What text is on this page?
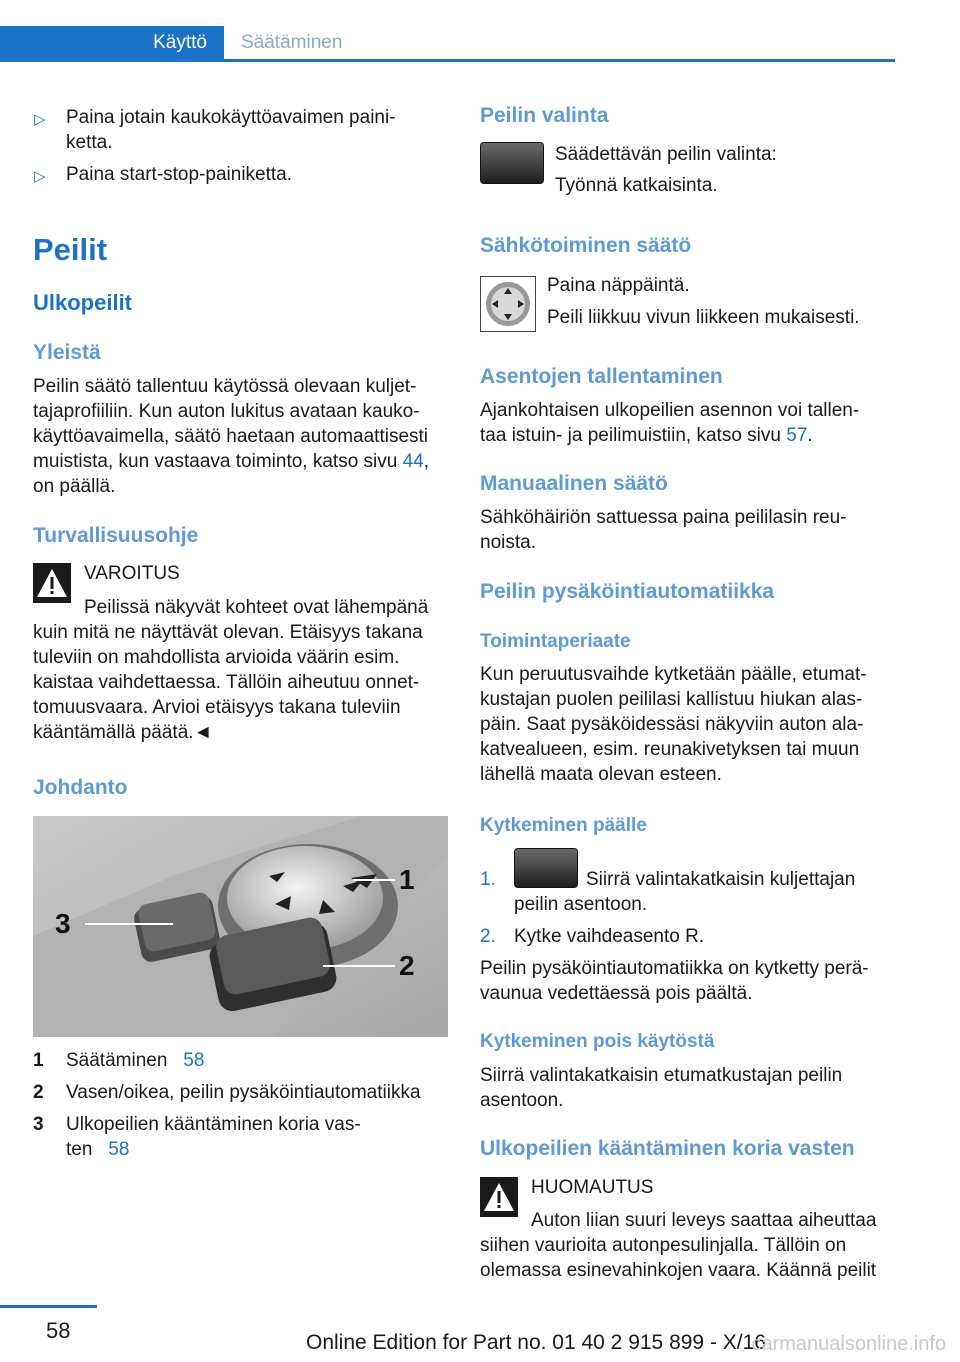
Käyttö	Säätäminen
▷ Paina jotain kaukokäyttöavaimen paini-

ketta.

▷ Paina start-stop-painiketta.

Peilit
Ulkopeilit
Yleistä

Peilin säätö tallentuu käytössä olevaan kuljet-

tajaprofiiliin. Kun auton lukitus avataan kauko-

käyttöavaimella, säätö haetaan automaattisesti

muistista, kun vastaava toiminto, katso sivu 44,

on päällä.

Turvallisuusohje

VAROITUS

Peilissä näkyvät kohteet ovat lähempänä

kuin mitä ne näyttävät olevan. Etäisyys takana

tuleviin on mahdollista arvioida väärin esim.

kaistaa vaihdettaessa. Tällöin aiheutuu onnet-

tomuusvaara. Arvioi etäisyys takana tuleviin

kääntämällä päätä.◄

Johdanto
1
2
3
1 Säätäminen 58
2 Vasen/oikea, peilin pysäköintiautomatiikka
3 Ulkopeilien kääntäminen koria vas-
ten 58
Peilin valinta

Säädettävän peilin valinta:

Työnnä katkaisinta.

Sähkötoiminen säätö

Paina näppäintä.

Peili liikkuu vivun liikkeen mukaisesti.

Asentojen tallentaminen

Ajankohtaisen ulkopeilien asennon voi tallen-

taa istuin- ja peilimuistiin, katso sivu 57.

Manuaalinen säätö

Sähköhäiriön sattuessa paina peililasin reu-

noista.

Peilin pysäköintiautomatiikka
Toimintaperiaate

Kun peruutusvaihde kytketään päälle, etumat-

kustajan puolen peililasi kallistuu hiukan alas-

päin. Saat pysäköidessäsi näkyviin auton ala-

katvealueen, esim. reunakivetyksen tai muun

lähellä maata olevan esteen.

Kytkeminen päälle
1.	Siirrä valintakatkaisin kuljettajan

peilin asentoon.

2. Kytke vaihdeasento R.

Peilin pysäköintiautomatiikka on kytketty perä-

vaunua vedettäessä pois päältä.

Kytkeminen pois käytöstä

Siirrä valintakatkaisin etumatkustajan peilin

asentoon.

Ulkopeilien kääntäminen koria vasten

HUOMAUTUS

Auton liian suuri leveys saattaa aiheuttaa

siihen vaurioita autonpesulinjalla. Tällöin on

olemassa esinevahinkojen vaara. Käännä peilit

58	Online Edition for Part no. 01 40 2 915 899 - X/16
carmanualsonline.info
